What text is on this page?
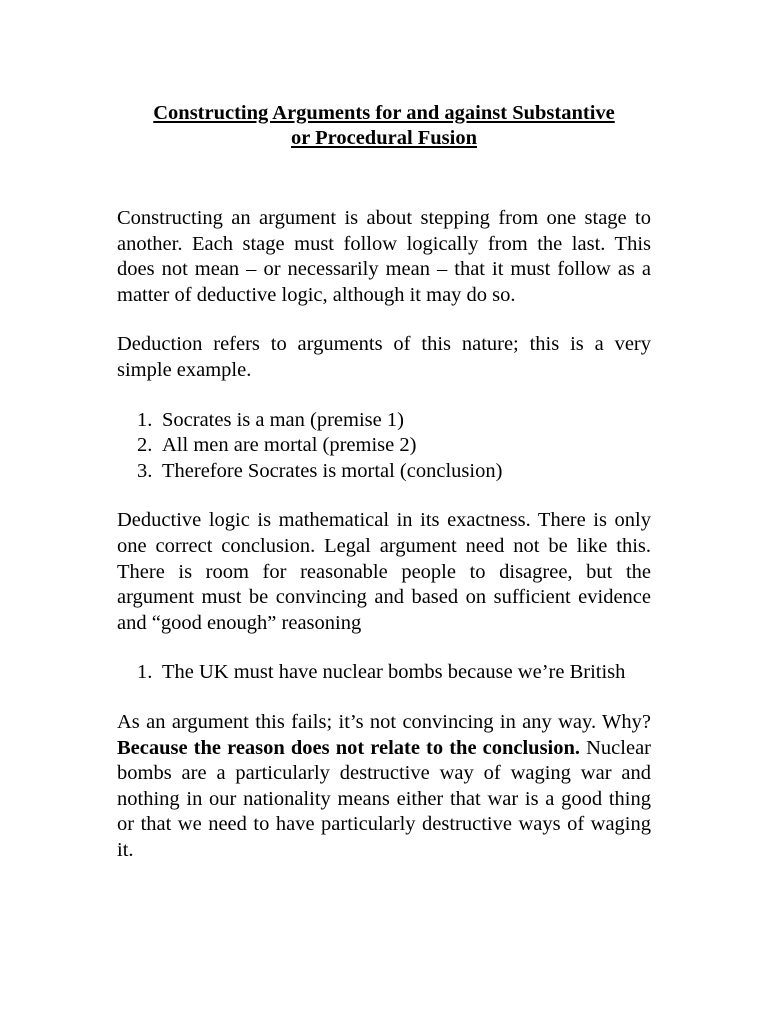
Constructing Arguments for and against Substantive
or Procedural Fusion

Constructing an argument is about stepping from one stage to another. Each stage must follow logically from the last. This does not mean – or necessarily mean – that it must follow as a matter of deductive logic, although it may do so.

Deduction refers to arguments of this nature; this is a very simple example.

1. Socrates is a man (premise 1)
2. All men are mortal (premise 2)
3. Therefore Socrates is mortal (conclusion)

Deductive logic is mathematical in its exactness. There is only one correct conclusion. Legal argument need not be like this. There is room for reasonable people to disagree, but the argument must be convincing and based on sufficient evidence and “good enough” reasoning

1. The UK must have nuclear bombs because we’re British

As an argument this fails; it’s not convincing in any way. Why? Because the reason does not relate to the conclusion. Nuclear bombs are a particularly destructive way of waging war and nothing in our nationality means either that war is a good thing or that we need to have particularly destructive ways of waging it.
